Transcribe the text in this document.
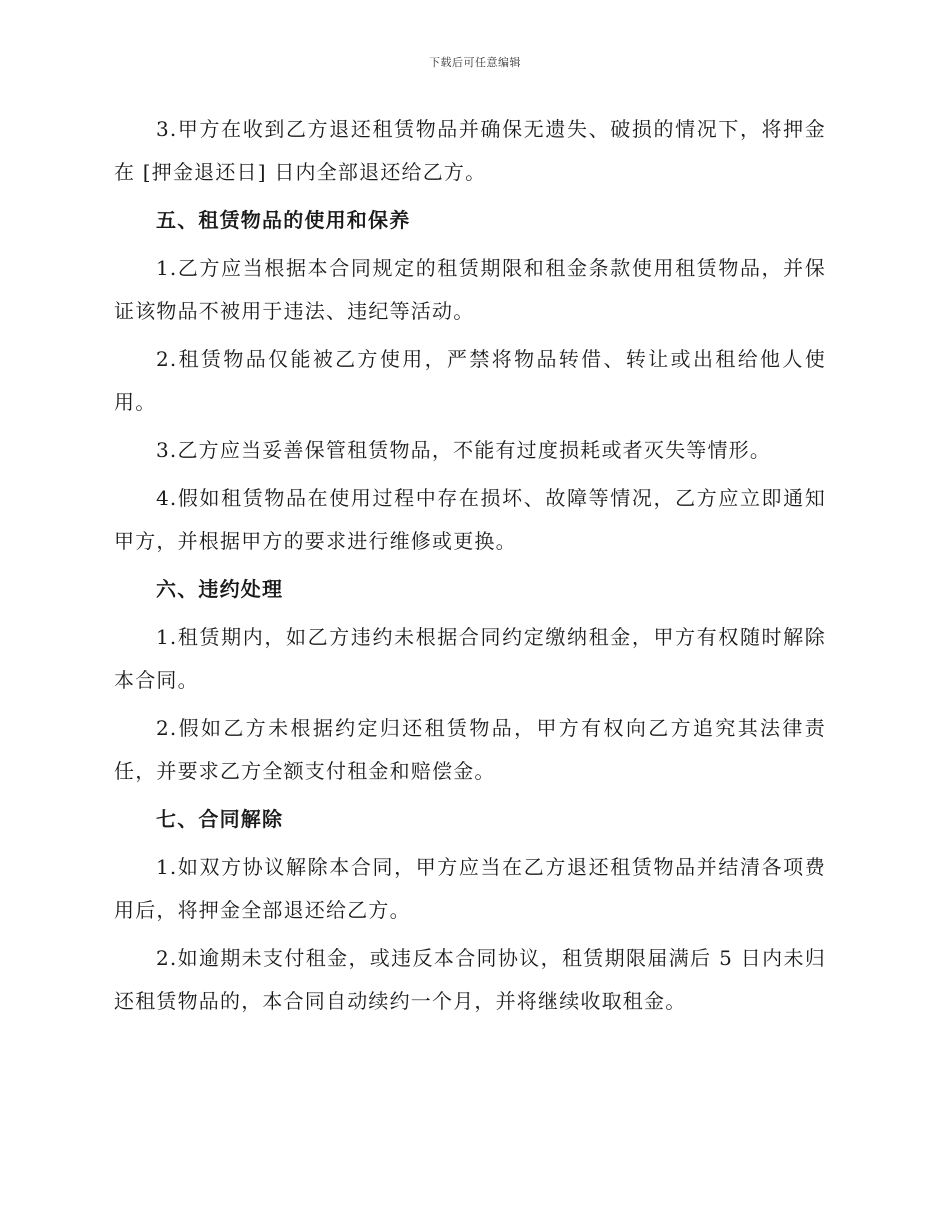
下载后可任意编辑

3.甲方在收到乙方退还租赁物品并确保无遗失、破损的情况下，将押金在 [押金退还日] 日内全部退还给乙方。

五、租赁物品的使用和保养

1.乙方应当根据本合同规定的租赁期限和租金条款使用租赁物品，并保证该物品不被用于违法、违纪等活动。

2.租赁物品仅能被乙方使用，严禁将物品转借、转让或出租给他人使用。

3.乙方应当妥善保管租赁物品，不能有过度损耗或者灭失等情形。

4.假如租赁物品在使用过程中存在损坏、故障等情况，乙方应立即通知甲方，并根据甲方的要求进行维修或更换。

六、违约处理

1.租赁期内，如乙方违约未根据合同约定缴纳租金，甲方有权随时解除本合同。

2.假如乙方未根据约定归还租赁物品，甲方有权向乙方追究其法律责任，并要求乙方全额支付租金和赔偿金。

七、合同解除

1.如双方协议解除本合同，甲方应当在乙方退还租赁物品并结清各项费用后，将押金全部退还给乙方。

2.如逾期未支付租金，或违反本合同协议，租赁期限届满后 5 日内未归还租赁物品的，本合同自动续约一个月，并将继续收取租金。
